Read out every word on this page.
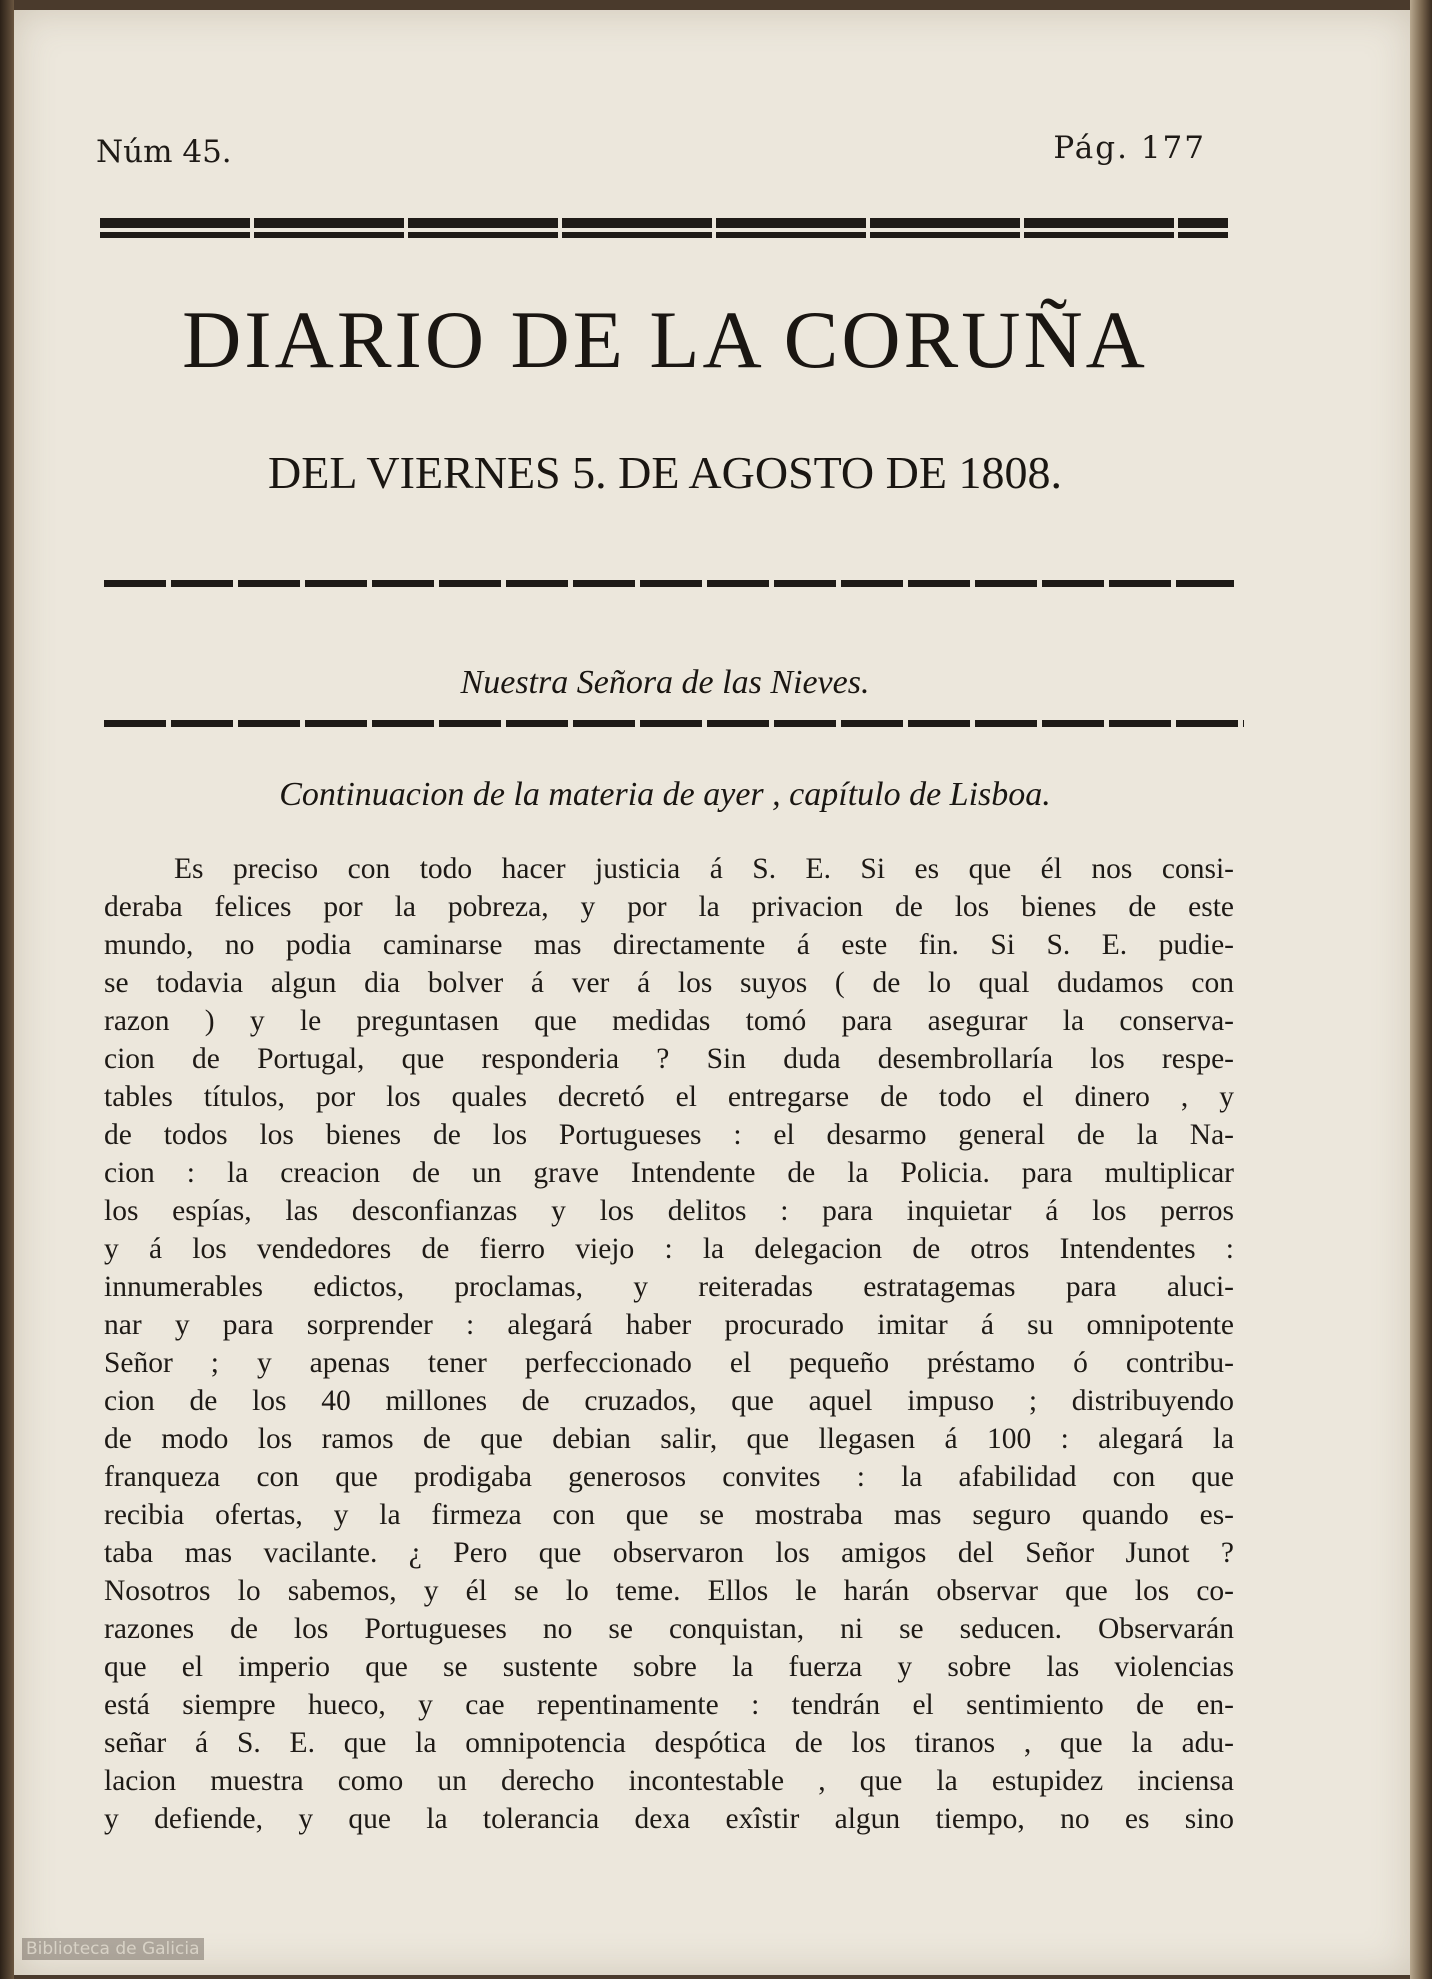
Núm 45.	Pág. 177
DIARIO DE LA CORUÑA
DEL VIERNES 5. DE AGOSTO DE 1808.
Nuestra Señora de las Nieves.
Continuacion de la materia de ayer , capítulo de Lisboa.
Es preciso con todo hacer justicia á S. E. Si es que él nos consi-
deraba felices por la pobreza, y por la privacion de los bienes de este
mundo, no podia caminarse mas directamente á este fin. Si S. E. pudie-
se todavia algun dia bolver á ver á los suyos ( de lo qual dudamos con
razon ) y le preguntasen que medidas tomó para asegurar la conserva-
cion de Portugal, que responderia ? Sin duda desembrollaría los respe-
tables títulos, por los quales decretó el entregarse de todo el dinero , y
de todos los bienes de los Portugueses : el desarmo general de la Na-
cion : la creacion de un grave Intendente de la Policia. para multiplicar
los espías, las desconfianzas y los delitos : para inquietar á los perros
y á los vendedores de fierro viejo : la delegacion de otros Intendentes :
innumerables edictos, proclamas, y reiteradas estratagemas para aluci-
nar y para sorprender : alegará haber procurado imitar á su omnipotente
Señor ; y apenas tener perfeccionado el pequeño préstamo ó contribu-
cion de los 40 millones de cruzados, que aquel impuso ; distribuyendo
de modo los ramos de que debian salir, que llegasen á 100 : alegará la
franqueza con que prodigaba generosos convites : la afabilidad con que
recibia ofertas, y la firmeza con que se mostraba mas seguro quando es-
taba mas vacilante. ¿ Pero que observaron los amigos del Señor Junot ?
Nosotros lo sabemos, y él se lo teme. Ellos le harán observar que los co-
razones de los Portugueses no se conquistan, ni se seducen. Observarán
que el imperio que se sustente sobre la fuerza y sobre las violencias
está siempre hueco, y cae repentinamente : tendrán el sentimiento de en-
señar á S. E. que la omnipotencia despótica de los tiranos , que la adu-
lacion muestra como un derecho incontestable , que la estupidez inciensa
y defiende, y que la tolerancia dexa exîstir algun tiempo, no es sino
Biblioteca de Galicia
